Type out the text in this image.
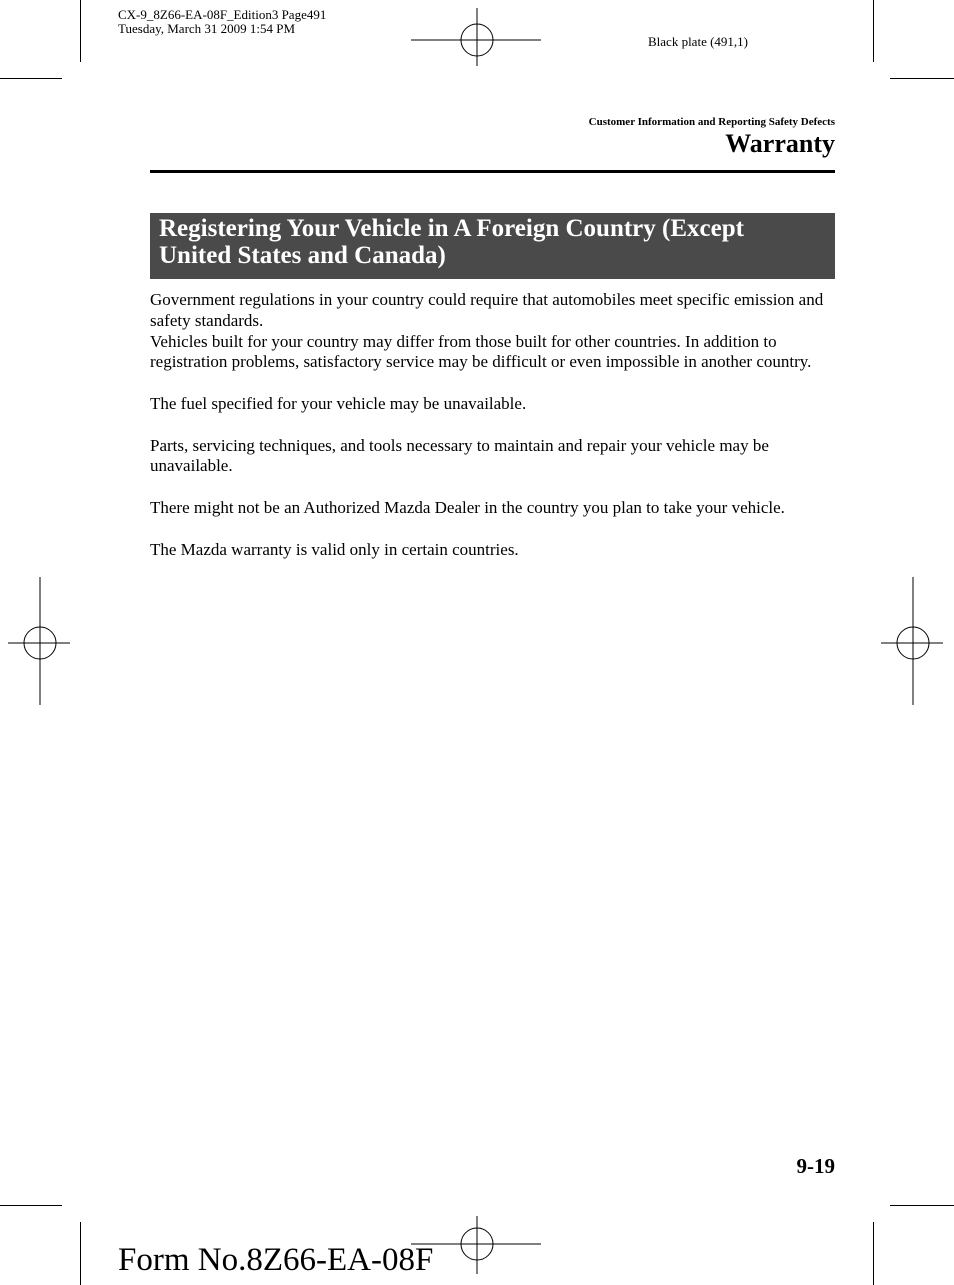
CX-9_8Z66-EA-08F_Edition3 Page491
Tuesday, March 31 2009 1:54 PM
Black plate (491,1)
Customer Information and Reporting Safety Defects
Warranty
Registering Your Vehicle in A Foreign Country (Except
United States and Canada)

Government regulations in your country could require that automobiles meet specific emission and safety standards.

Vehicles built for your country may differ from those built for other countries. In addition to registration problems, satisfactory service may be difficult or even impossible in another country.

The fuel specified for your vehicle may be unavailable.

Parts, servicing techniques, and tools necessary to maintain and repair your vehicle may be unavailable.

There might not be an Authorized Mazda Dealer in the country you plan to take your vehicle.

The Mazda warranty is valid only in certain countries.

9-19
Form No.8Z66-EA-08F
